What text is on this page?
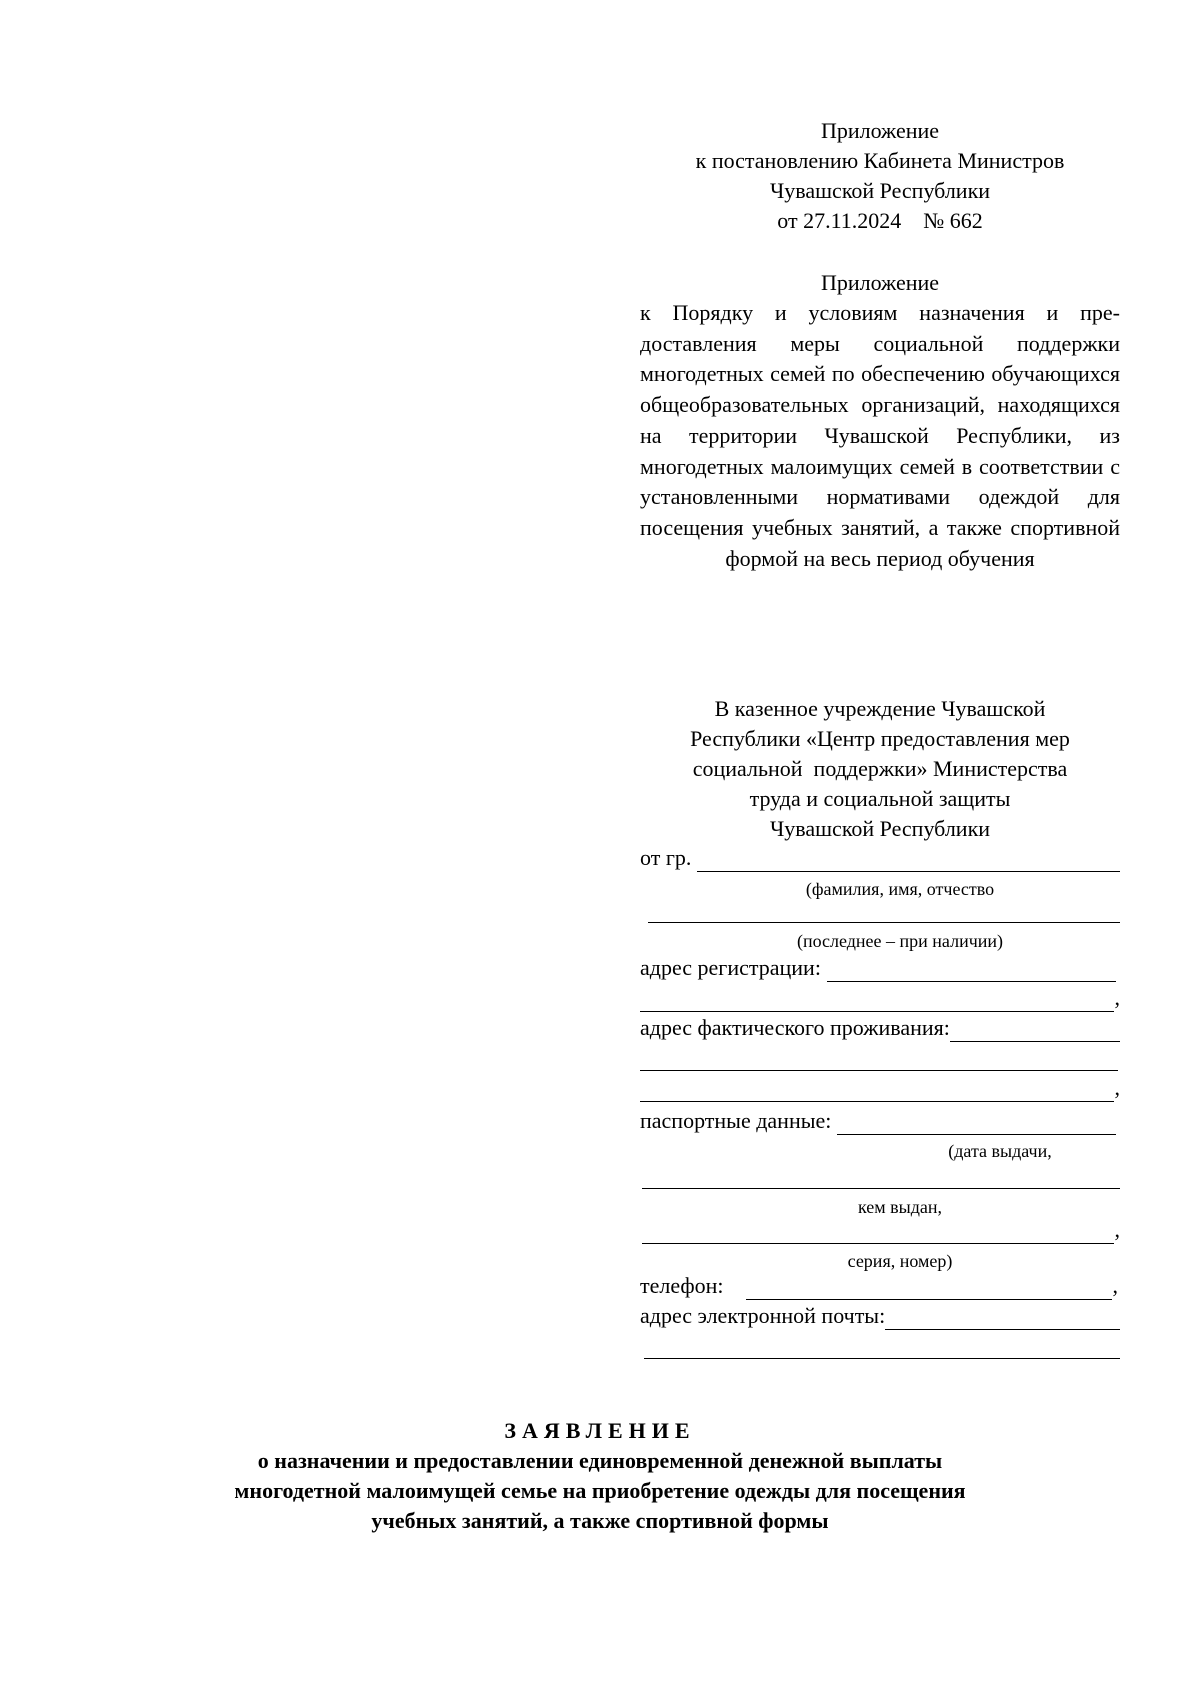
Приложение
к постановлению Кабинета Министров
Чувашской Республики
от 27.11.2024    № 662
Приложение
к Порядку и условиям назначения и предоставления меры социальной поддержки многодетных семей по обеспечению обучающихся общеобразовательных организаций, находящихся на территории Чувашской Республики, из многодетных малоимущих семей в соответствии с установленными нормативами одеждой для посещения учебных занятий, а также спортивной формой на весь период обучения
В казенное учреждение Чувашской
Республики «Центр предоставления мер
социальной  поддержки» Министерства
труда и социальной защиты
Чувашской Республики
от гр.
(фамилия, имя, отчество
(последнее – при наличии)
адрес регистрации:
,
адрес фактического проживания:
,
паспортные данные:
(дата выдачи,
кем выдан,
,
серия, номер)
телефон:	,
адрес электронной почты:
ЗАЯВЛЕНИЕ
о назначении и предоставлении единовременной денежной выплаты
многодетной малоимущей семье на приобретение одежды для посещения
учебных занятий, а также спортивной формы
